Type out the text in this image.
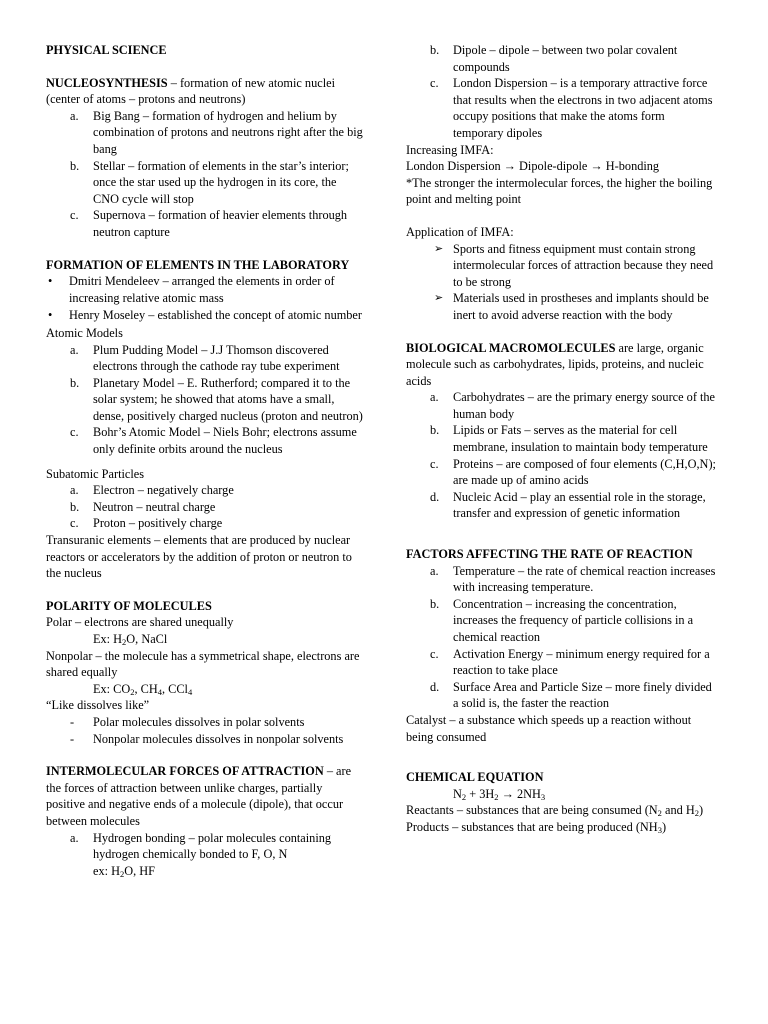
PHYSICAL SCIENCE

NUCLEOSYNTHESIS – formation of new atomic nuclei (center of atoms – protons and neutrons)

a. Big Bang – formation of hydrogen and helium by combination of protons and neutrons right after the big bang
b. Stellar – formation of elements in the star’s interior; once the star used up the hydrogen in its core, the CNO cycle will stop
c. Supernova – formation of heavier elements through neutron capture

FORMATION OF ELEMENTS IN THE LABORATORY

• Dmitri Mendeleev – arranged the elements in order of increasing relative atomic mass
• Henry Moseley – established the concept of atomic number

Atomic Models

a. Plum Pudding Model – J.J Thomson discovered electrons through the cathode ray tube experiment
b. Planetary Model – E. Rutherford; compared it to the solar system; he showed that atoms have a small, dense, positively charged nucleus (proton and neutron)
c. Bohr’s Atomic Model – Niels Bohr; electrons assume only definite orbits around the nucleus

Subatomic Particles

a. Electron – negatively charge
b. Neutron – neutral charge
c. Proton – positively charge

Transuranic elements – elements that are produced by nuclear reactors or accelerators by the addition of proton or neutron to the nucleus

POLARITY OF MOLECULES

Polar – electrons are shared unequally

Ex: $H_2O$, NaCl

Nonpolar – the molecule has a symmetrical shape, electrons are shared equally

Ex: $CO_2$, $CH_4$, CCl$_4$

“Like dissolves like”

- Polar molecules dissolves in polar solvents
- Nonpolar molecules dissolves in nonpolar solvents

INTERMOLECULAR FORCES OF ATTRACTION – are the forces of attraction between unlike charges, partially positive and negative ends of a molecule (dipole), that occur between molecules

a. Hydrogen bonding – polar molecules containing hydrogen chemically bonded to F, O, N
ex: $H_2O$, HF
b. Dipole – dipole – between two polar covalent compounds
c. London Dispersion – is a temporary attractive force that results when the electrons in two adjacent atoms occupy positions that make the atoms form temporary dipoles

Increasing IMFA:

London Dispersion → Dipole-dipole → H-bonding

*The stronger the intermolecular forces, the higher the boiling point and melting point

Application of IMFA:

➢ Sports and fitness equipment must contain strong intermolecular forces of attraction because they need to be strong
➢ Materials used in prostheses and implants should be inert to avoid adverse reaction with the body

BIOLOGICAL MACROMOLECULES are large, organic molecule such as carbohydrates, lipids, proteins, and nucleic acids

a. Carbohydrates – are the primary energy source of the human body
b. Lipids or Fats – serves as the material for cell membrane, insulation to maintain body temperature
c. Proteins – are composed of four elements (C,H,O,N); are made up of amino acids
d. Nucleic Acid – play an essential role in the storage, transfer and expression of genetic information

FACTORS AFFECTING THE RATE OF REACTION

a. Temperature – the rate of chemical reaction increases with increasing temperature.
b. Concentration – increasing the concentration, increases the frequency of particle collisions in a chemical reaction
c. Activation Energy – minimum energy required for a reaction to take place
d. Surface Area and Particle Size – more finely divided a solid is, the faster the reaction

Catalyst – a substance which speeds up a reaction without being consumed

CHEMICAL EQUATION

$N_2 + 3H_2 \to 2NH_3$

Reactants – substances that are being consumed ($N_2$ and $H_2$)

Products – substances that are being produced $(NH_3)$
